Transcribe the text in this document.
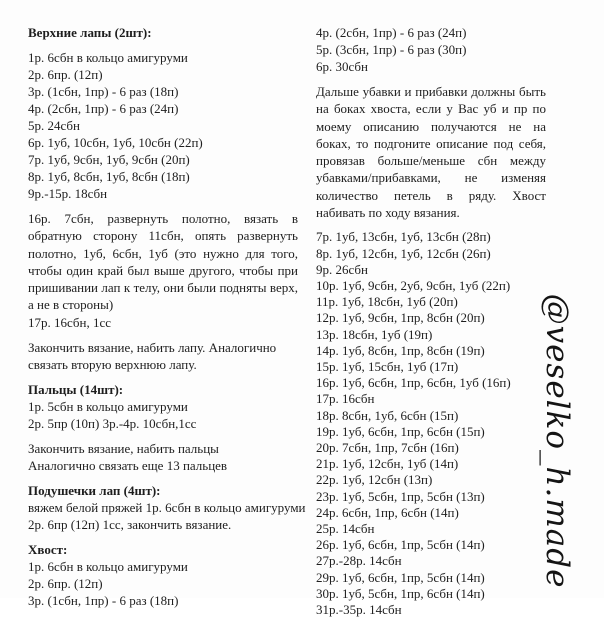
Верхние лапы (2шт):
1р. 6сбн в кольцо амигуруми
2р. 6пр. (12п)
3р. (1сбн, 1пр) - 6 раз (18п)
4р. (2сбн, 1пр) - 6 раз (24п)
5р. 24сбн
6р. 1уб, 10сбн, 1уб, 10сбн (22п)
7р. 1уб, 9сбн, 1уб, 9сбн (20п)
8р. 1уб, 8сбн, 1уб, 8сбн (18п)
9р.-15р. 18сбн
16р. 7сбн, развернуть полотно, вязать в обратную сторону 11сбн, опять развернуть полотно, 1уб, 6сбн, 1уб (это нужно для того, чтобы один край был выше другого, чтобы при пришивании лап к телу, они были подняты верх, а не в стороны)
17р. 16сбн, 1сс
Закончить вязание, набить лапу. Аналогично
связать вторую верхнюю лапу.
Пальцы (14шт):
1р. 5сбн в кольцо амигуруми
2р. 5пр (10п) 3р.-4р. 10сбн,1сс
Закончить вязание, набить пальцы
Аналогично связать еще 13 пальцев
Подушечки лап (4шт):
вяжем белой пряжей 1р. 6сбн в кольцо амигуруми
2р. 6пр (12п) 1сс, закончить вязание.
Хвост:
1р. 6сбн в кольцо амигуруми
2р. 6пр. (12п)
3р. (1сбн, 1пр) - 6 раз (18п)
4р. (2сбн, 1пр) - 6 раз (24п)
5р. (3сбн, 1пр) - 6 раз (30п)
6р. 30сбн
Дальше убавки и прибавки должны быть на боках хвоста, если у Вас уб и пр по моему описанию получаются не на боках, то подгоните описание под себя, провязав больше/меньше сбн между убавками/прибавками, не изменяя количество петель в ряду. Хвост набивать по ходу вязания.
7р. 1уб, 13сбн, 1уб, 13сбн (28п)
8р. 1уб, 12сбн, 1уб, 12сбн (26п)
9р. 26сбн
10р. 1уб, 9сбн, 2уб, 9сбн, 1уб (22п)
11р. 1уб, 18сбн, 1уб (20п)
12р. 1уб, 9сбн, 1пр, 8сбн (20п)
13р. 18сбн, 1уб (19п)
14р. 1уб, 8сбн, 1пр, 8сбн (19п)
15р. 1уб, 15сбн, 1уб (17п)
16р. 1уб, 6сбн, 1пр, 6сбн, 1уб (16п)
17р. 16сбн
18р. 8сбн, 1уб, 6сбн (15п)
19р. 1уб, 6сбн, 1пр, 6сбн (15п)
20р. 7сбн, 1пр, 7сбн (16п)
21р. 1уб, 12сбн, 1уб (14п)
22р. 1уб, 12сбн (13п)
23р. 1уб, 5сбн, 1пр, 5сбн (13п)
24р. 6сбн, 1пр, 6сбн (14п)
25р. 14сбн
26р. 1уб, 6сбн, 1пр, 5сбн (14п)
27р.-28р. 14сбн
29р. 1уб, 6сбн, 1пр, 5сбн (14п)
30р. 1уб, 5сбн, 1пр, 6сбн (14п)
31р.-35р. 14сбн
@veselko_h.made
